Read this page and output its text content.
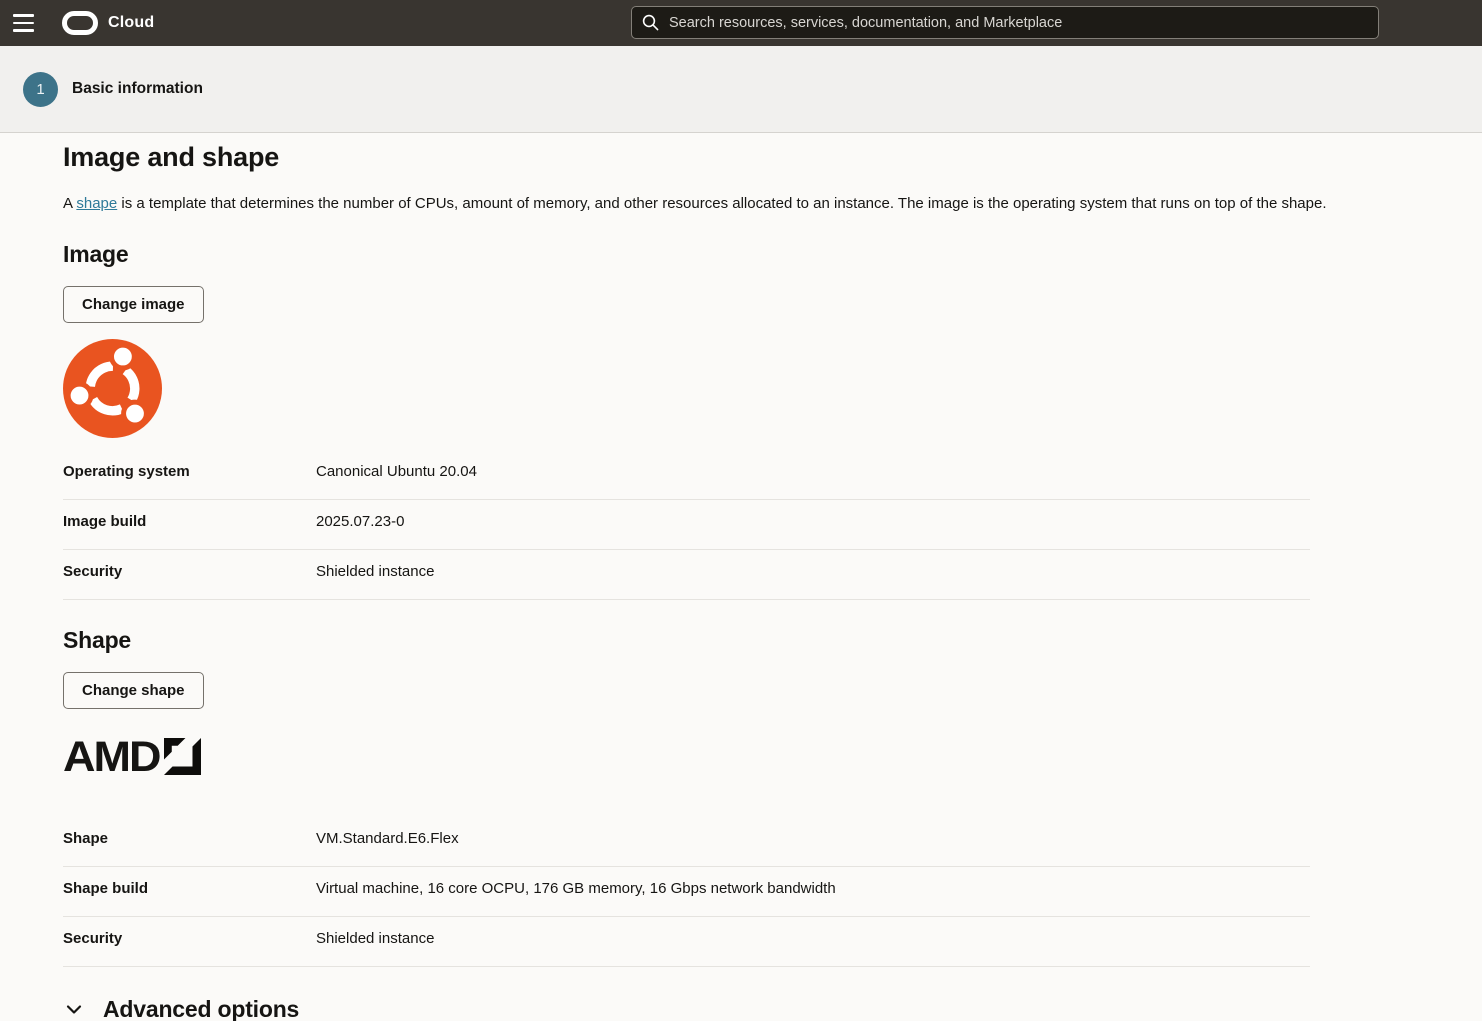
Cloud
Search resources, services, documentation, and Marketplace
1	Basic information
Image and shape

A shape is a template that determines the number of CPUs, amount of memory, and other resources allocated to an instance. The image is the operating system that runs on top of the shape.

Image
Change image
Operating system	Canonical Ubuntu 20.04
Image build	2025.07.23-0
Security	Shielded instance
Shape
Change shape
AMD
Shape	VM.Standard.E6.Flex
Shape build	Virtual machine, 16 core OCPU, 176 GB memory, 16 Gbps network bandwidth
Security	Shielded instance
Advanced options
